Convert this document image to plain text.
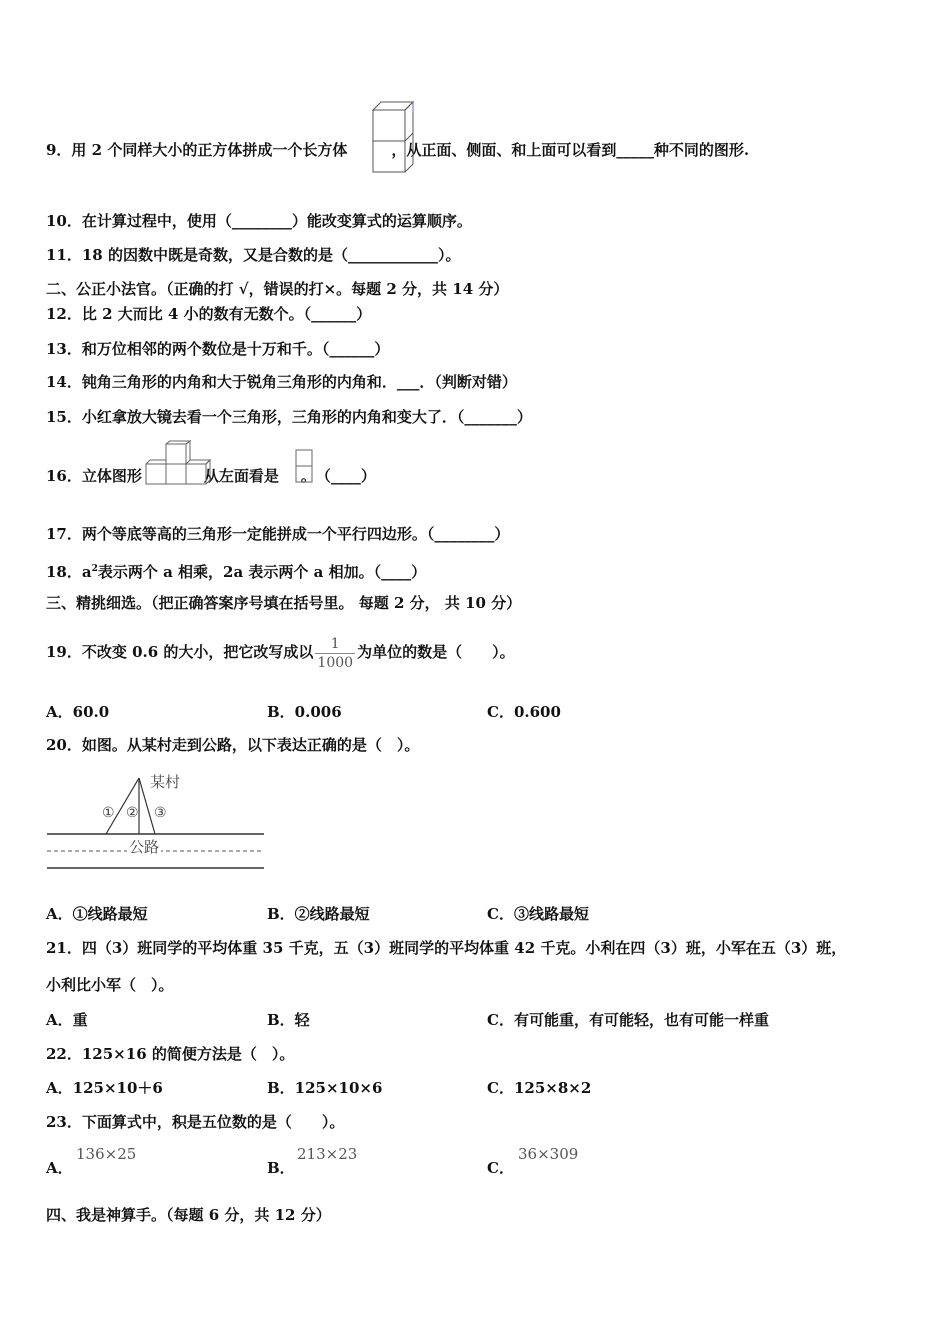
9．用 2 个同样大小的正方体拼成一个长方体	，从正面、侧面、和上面可以看到_____种不同的图形.
10．在计算过程中，使用（________）能改变算式的运算顺序。
11．18 的因数中既是奇数，又是合数的是（____________）。
二、公正小法官。（正确的打 √，错误的打×。每题 2 分，共 14 分）
12．比 2 大而比 4 小的数有无数个。（______）
13．和万位相邻的两个数位是十万和千。（______）
14．钝角三角形的内角和大于锐角三角形的内角和．___．（判断对错）
15．小红拿放大镜去看一个三角形，三角形的内角和变大了．（_______）
16．立体图形	从左面看是 。　（____）
17．两个等底等高的三角形一定能拼成一个平行四边形。（________）
18．$a^2$表示两个 a 相乘，2a 表示两个 a 相加。（____）
三、精挑细选。（把正确答案序号填在括号里。 每题 2 分， 共 10 分）
19．不改变 0.6 的大小，把它改写成以 $\frac{1}{1000}$ 为单位的数是（　　）。
A．60.0	B．0.006	C．0.600
20．如图。从某村走到公路，以下表达正确的是（　）。
某村
公路
① ② ③
A．①线路最短	B．②线路最短	C．③线路最短
21．四（3）班同学的平均体重 35 千克，五（3）班同学的平均体重 42 千克。小利在四（3）班，小军在五（3）班，
小利比小军（　）。
A．重	B．轻	C．有可能重，有可能轻，也有可能一样重
22．125×16 的简便方法是（　）。
A．125×10＋6	B．125×10×6	C．125×8×2
23．下面算式中，积是五位数的是（　　）。
A．
136×25
B．
213×23
C．
36×309
四、我是神算手。（每题 6 分，共 12 分）
